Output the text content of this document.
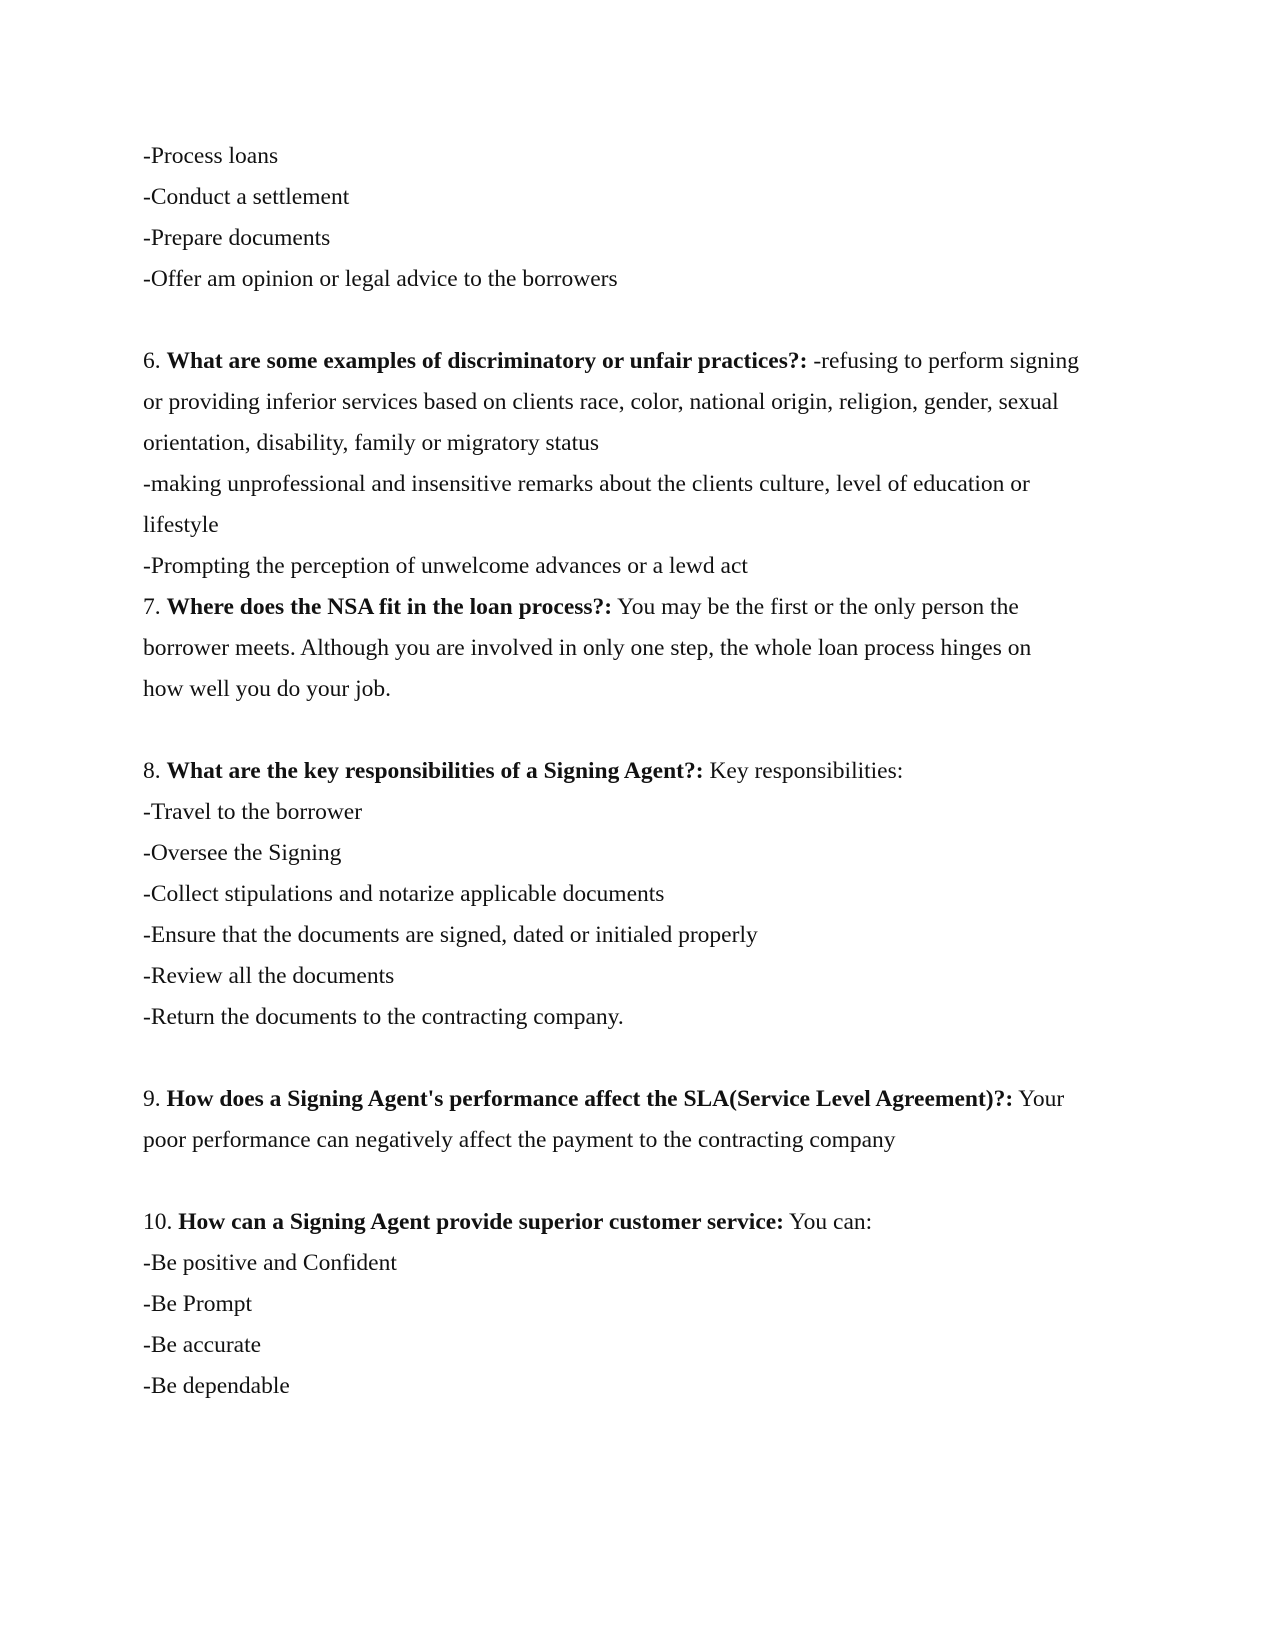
-Process loans
-Conduct a settlement
-Prepare documents
-Offer am opinion or legal advice to the borrowers
6. What are some examples of discriminatory or unfair practices?: -refusing to perform signing
or providing inferior services based on clients race, color, national origin, religion, gender, sexual
orientation, disability, family or migratory status
-making unprofessional and insensitive remarks about the clients culture, level of education or
lifestyle
-Prompting the perception of unwelcome advances or a lewd act
7. Where does the NSA fit in the loan process?: You may be the first or the only person the
borrower meets. Although you are involved in only one step, the whole loan process hinges on
how well you do your job.
8. What are the key responsibilities of a Signing Agent?: Key responsibilities:
-Travel to the borrower
-Oversee the Signing
-Collect stipulations and notarize applicable documents
-Ensure that the documents are signed, dated or initialed properly
-Review all the documents
-Return the documents to the contracting company.
9. How does a Signing Agent's performance affect the SLA(Service Level Agreement)?: Your
poor performance can negatively affect the payment to the contracting company
10. How can a Signing Agent provide superior customer service: You can:
-Be positive and Confident
-Be Prompt
-Be accurate
-Be dependable
